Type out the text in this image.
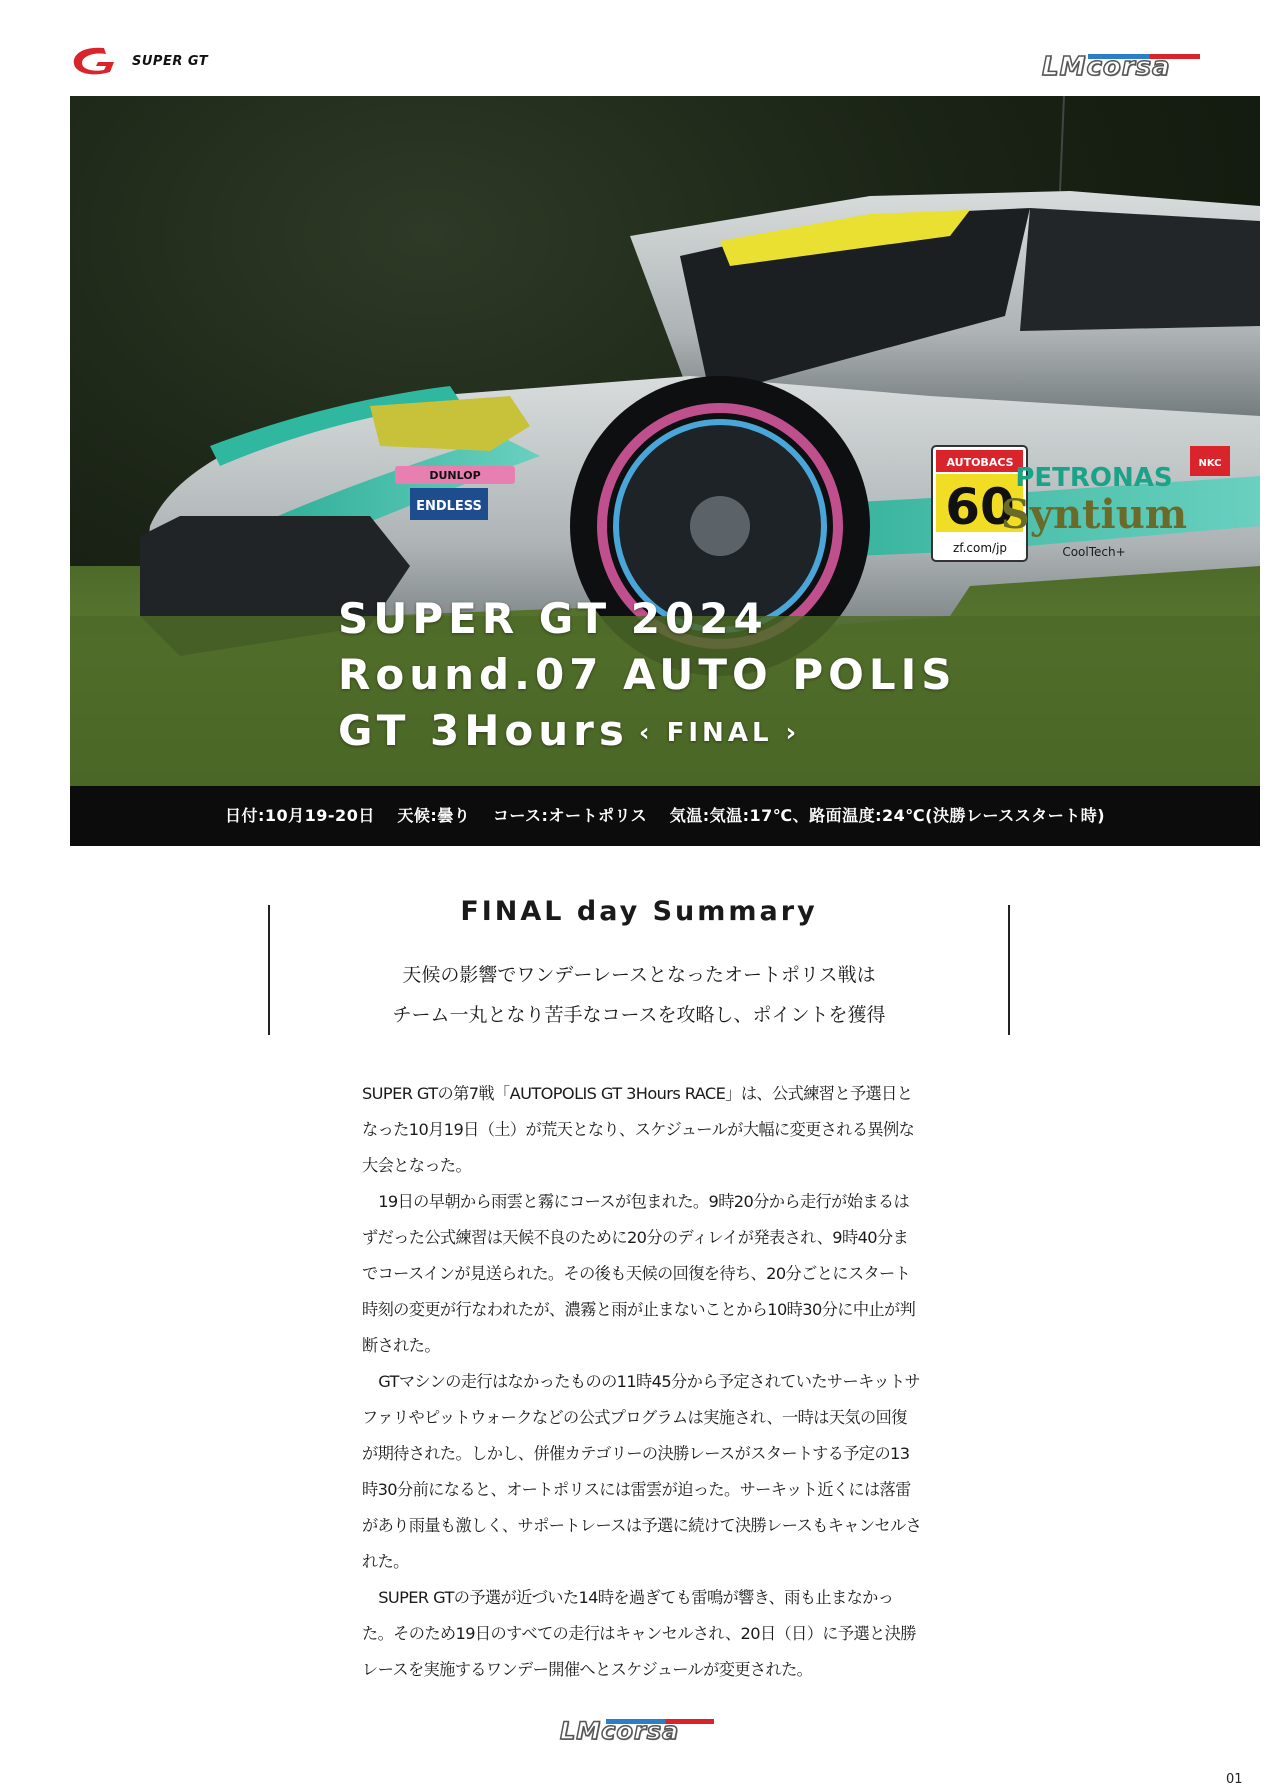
SUPER GT	LMcorsa
AUTOBACS
60
zf.com/jp
PETRONAS
Syntium
CoolTech+
DUNLOP
ENDLESS
NKC
SUPER GT 2024
Round.07 AUTO POLIS
GT 3Hours ‹ FINAL ›
日付:10月19-20日　 天候:曇り　 コース:オートポリス　 気温:気温:17℃、路面温度:24℃(決勝レーススタート時)
FINAL day Summary
天候の影響でワンデーレースとなったオートポリス戦は
チーム一丸となり苦手なコースを攻略し、ポイントを獲得

SUPER GTの第7戦「AUTOPOLIS GT 3Hours RACE」は、公式練習と予選日となった10月19日（土）が荒天となり、スケジュールが大幅に変更される異例な大会となった。

19日の早朝から雨雲と霧にコースが包まれた。9時20分から走行が始まるはずだった公式練習は天候不良のために20分のディレイが発表され、9時40分までコースインが見送られた。その後も天候の回復を待ち、20分ごとにスタート時刻の変更が行なわれたが、濃霧と雨が止まないことから10時30分に中止が判断された。

GTマシンの走行はなかったものの11時45分から予定されていたサーキットサファリやピットウォークなどの公式プログラムは実施され、一時は天気の回復が期待された。しかし、併催カテゴリーの決勝レースがスタートする予定の13時30分前になると、オートポリスには雷雲が迫った。サーキット近くには落雷があり雨量も激しく、サポートレースは予選に続けて決勝レースもキャンセルされた。

SUPER GTの予選が近づいた14時を過ぎても雷鳴が響き、雨も止まなかった。そのため19日のすべての走行はキャンセルされ、20日（日）に予選と決勝レースを実施するワンデー開催へとスケジュールが変更された。

LMcorsa
01
